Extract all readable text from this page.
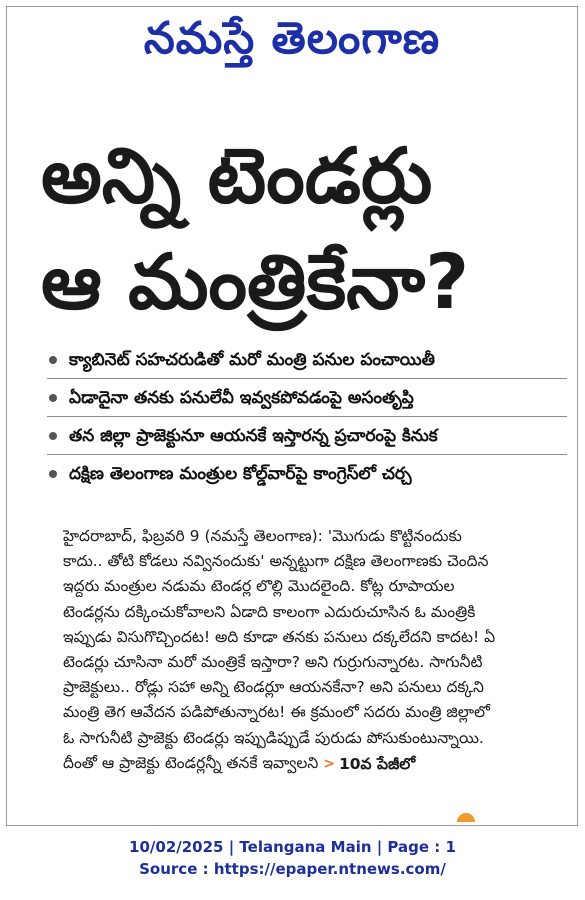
నమస్తే తెలంగాణ
అన్ని టెండర్లు
ఆ మంత్రికేనా?
క్యాబినెట్ సహచరుడితో మరో మంత్రి పనుల పంచాయితీ
ఏడాదైనా తనకు పనులేవీ ఇవ్వకపోవడంపై అసంతృప్తి
తన జిల్లా ప్రాజెక్టునూ ఆయనకే ఇస్తారన్న ప్రచారంపై కినుక
దక్షిణ తెలంగాణ మంత్రుల కోల్డ్‌వార్‌పై కాంగ్రెస్‌లో చర్చ
హైదరాబాద్, ఫిబ్రవరి 9 (నమస్తే తెలంగాణ): 'మొగుడు కొట్టినందుకు
కాదు.. తోటి కోడలు నవ్వినందుకు' అన్నట్టుగా దక్షిణ తెలంగాణకు చెందిన
ఇద్దరు మంత్రుల నడుమ టెండర్ల లొల్లి మొదలైంది. కోట్ల రూపాయల
టెండర్లను దక్కించుకోవాలని ఏడాది కాలంగా ఎదురుచూసిన ఓ మంత్రికి
ఇప్పుడు విసుగొచ్చిందట! అది కూడా తనకు పనులు దక్కలేదని కాదట! ఏ
టెండర్లు చూసినా మరో మంత్రికే ఇస్తారా? అని గుర్రుగున్నారట. సాగునీటి
ప్రాజెక్టులు.. రోడ్లు సహా అన్ని టెండర్లూ ఆయనకేనా? అని పనులు దక్కని
మంత్రి తెగ ఆవేదన పడిపోతున్నారట! ఈ క్రమంలో సదరు మంత్రి జిల్లాలో
ఓ సాగునీటి ప్రాజెక్టు టెండర్లు ఇప్పుడిప్పుడే పురుడు పోసుకుంటున్నాయి.
దీంతో ఆ ప్రాజెక్టు టెండర్లన్నీ తనకే ఇవ్వాలని > 10వ పేజీలో
10/02/2025 | Telangana Main | Page : 1
Source : https://epaper.ntnews.com/
